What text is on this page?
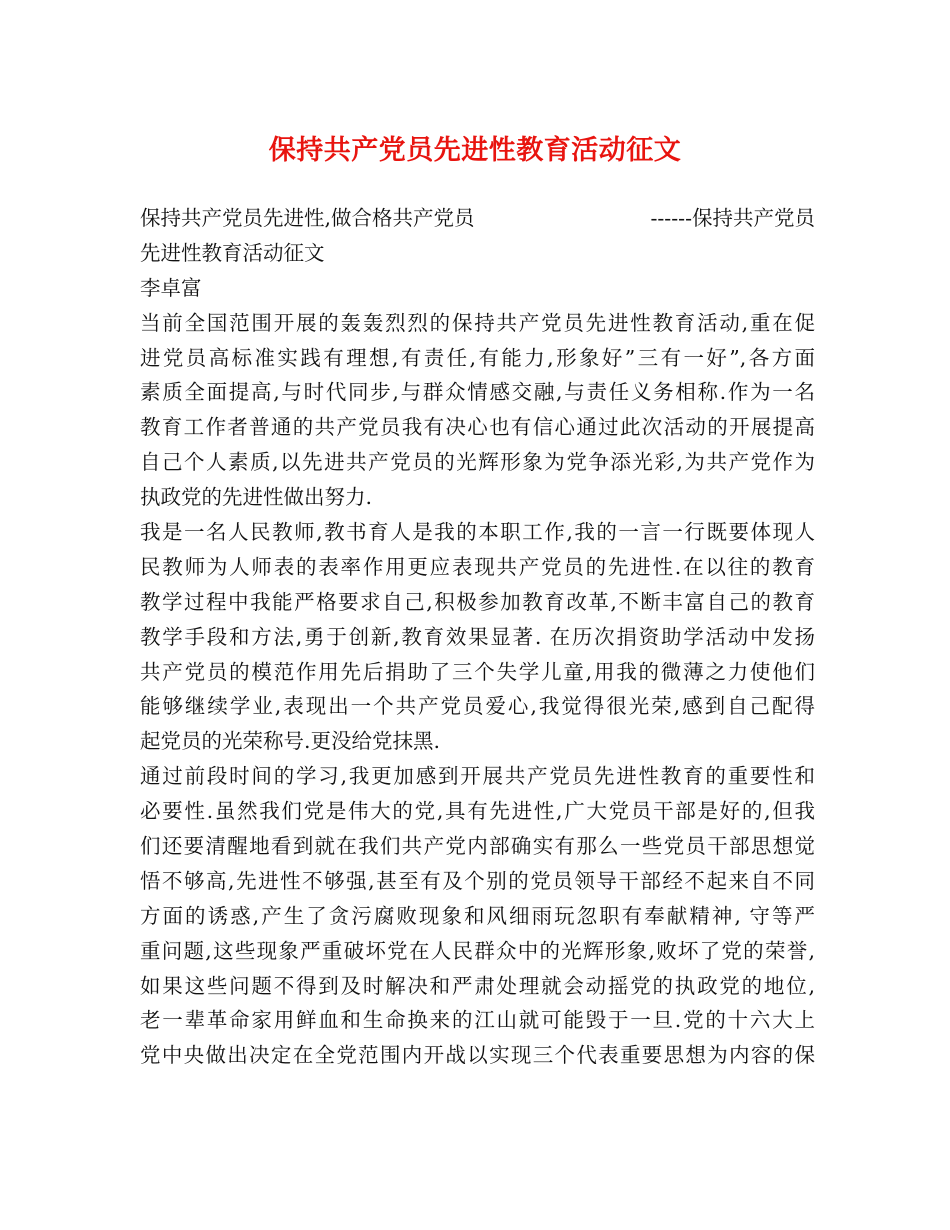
保持共产党员先进性教育活动征文
保持共产党员先进性,做合格共产党员	------保持共产党员
先进性教育活动征文
李卓富
当前全国范围开展的轰轰烈烈的保持共产党员先进性教育活动,重在促
进党员高标准实践有理想,有责任,有能力,形象好”三有一好”,各方面
素质全面提高,与时代同步,与群众情感交融,与责任义务相称.作为一名
教育工作者普通的共产党员我有决心也有信心通过此次活动的开展提高
自己个人素质,以先进共产党员的光辉形象为党争添光彩,为共产党作为
执政党的先进性做出努力.
我是一名人民教师,教书育人是我的本职工作,我的一言一行既要体现人
民教师为人师表的表率作用更应表现共产党员的先进性.在以往的教育
教学过程中我能严格要求自己,积极参加教育改革,不断丰富自己的教育
教学手段和方法,勇于创新,教育效果显著. 在历次捐资助学活动中发扬
共产党员的模范作用先后捐助了三个失学儿童,用我的微薄之力使他们
能够继续学业,表现出一个共产党员爱心,我觉得很光荣,感到自己配得
起党员的光荣称号.更没给党抹黑.
通过前段时间的学习,我更加感到开展共产党员先进性教育的重要性和
必要性.虽然我们党是伟大的党,具有先进性,广大党员干部是好的,但我
们还要清醒地看到就在我们共产党内部确实有那么一些党员干部思想觉
悟不够高,先进性不够强,甚至有及个别的党员领导干部经不起来自不同
方面的诱惑,产生了贪污腐败现象和风细雨玩忽职有奉献精神, 守等严
重问题,这些现象严重破坏党在人民群众中的光辉形象,败坏了党的荣誉,
如果这些问题不得到及时解决和严肃处理就会动摇党的执政党的地位,
老一辈革命家用鲜血和生命换来的江山就可能毁于一旦.党的十六大上
党中央做出决定在全党范围内开战以实现三个代表重要思想为内容的保
